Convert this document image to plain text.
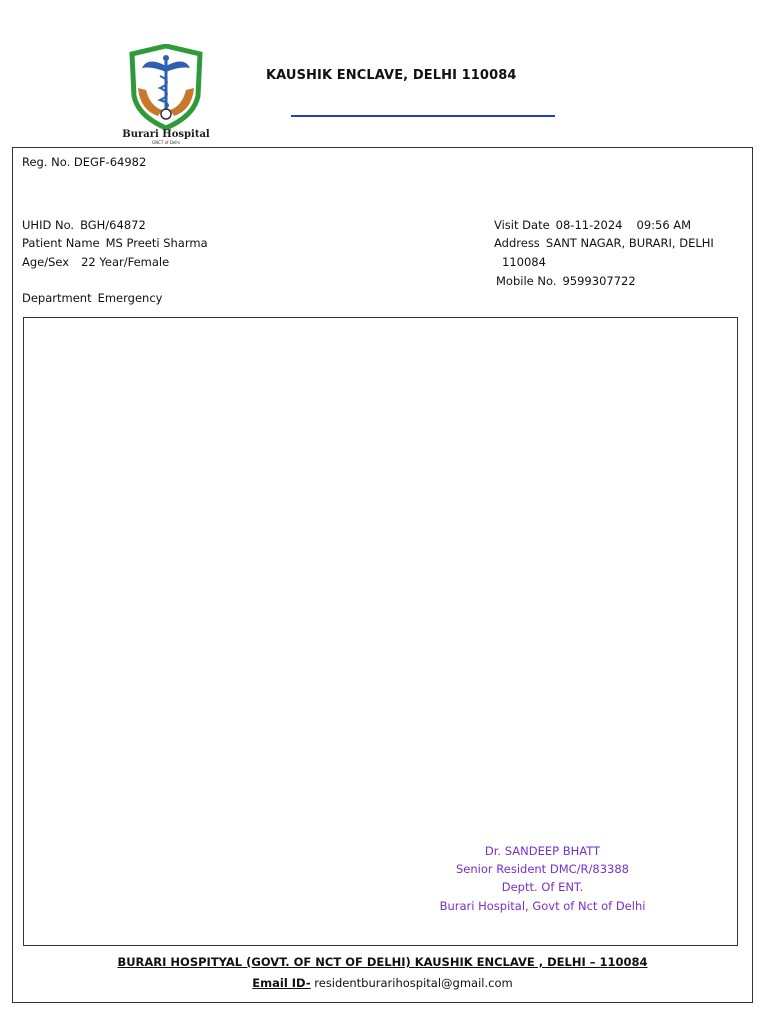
Burari Hospital
GNCT of Delhi
KAUSHIK ENCLAVE, DELHI 110084
Reg. No. DEGF-64982
UHID No. BGH/64872
Patient Name MS Preeti Sharma
Age/Sex 22 Year/Female
Department Emergency
Visit Date 08-11-2024 09:56 AM
Address SANT NAGAR, BURARI, DELHI
110084
Mobile No. 9599307722
Dr. SANDEEP BHATT
Senior Resident DMC/R/83388
Deptt. Of ENT.
Burari Hospital, Govt of Nct of Delhi
BURARI HOSPITYAL (GOVT. OF NCT OF DELHI) KAUSHIK ENCLAVE , DELHI – 110084
Email ID- residentburarihospital@gmail.com
